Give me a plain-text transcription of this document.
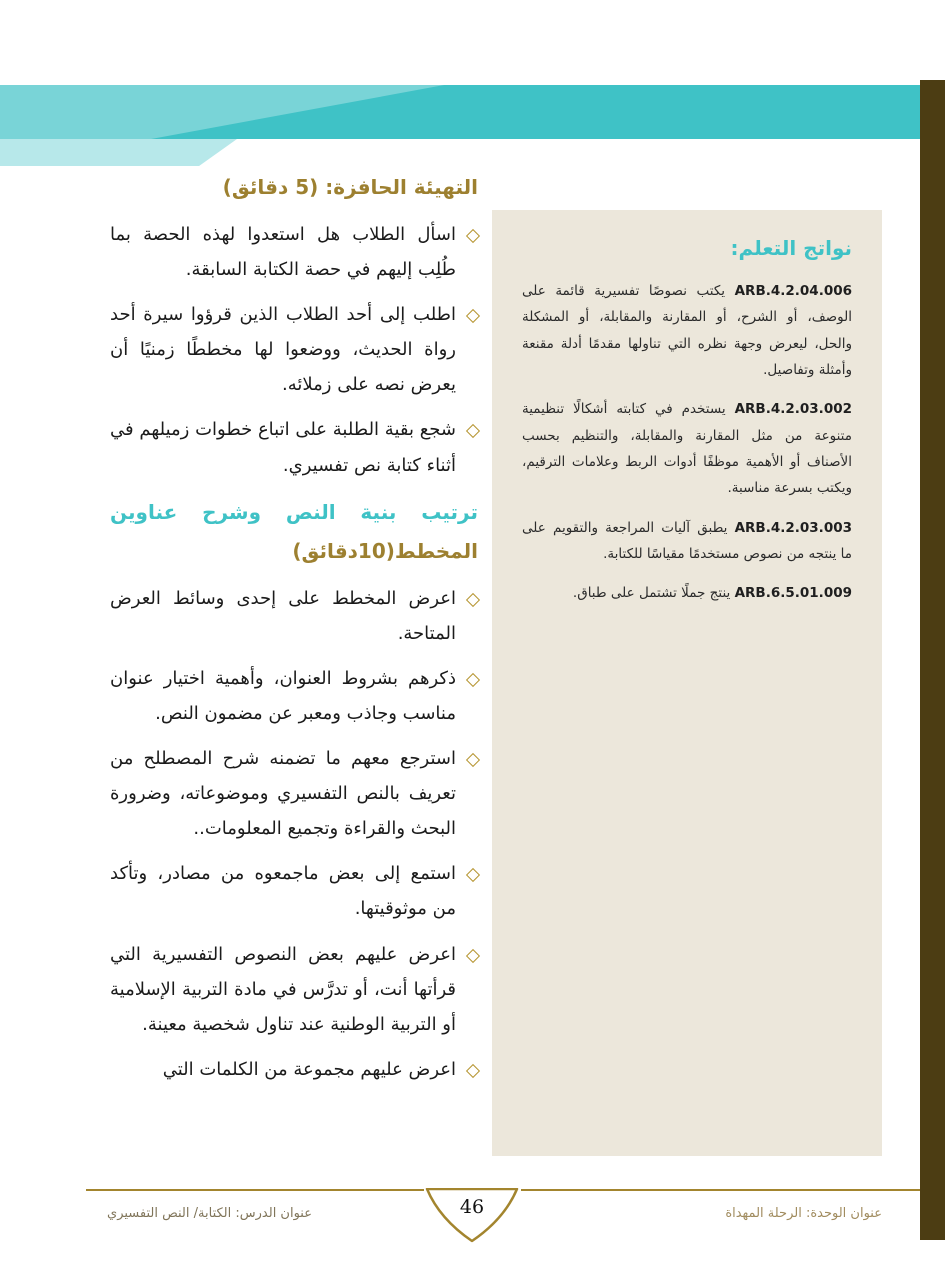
التهيئة الحافزة: (5 دقائق)
اسأل الطلاب هل استعدوا لهذه الحصة بما طُلِب إليهم في حصة الكتابة السابقة.
اطلب إلى أحد الطلاب الذين قرؤوا سيرة أحد رواة الحديث، ووضعوا لها مخططًا زمنيًا أن يعرض نصه على زملائه.
شجع بقية الطلبة على اتباع خطوات زميلهم في أثناء كتابة نص تفسيري.
ترتيب بنية النص وشرح عناوين
المخطط(10دقائق)
اعرض المخطط على إحدى وسائط العرض المتاحة.
ذكرهم بشروط العنوان، وأهمية اختيار عنوان مناسب وجاذب ومعبر عن مضمون النص.
استرجع معهم ما تضمنه شرح المصطلح من تعريف بالنص التفسيري وموضوعاته، وضرورة البحث والقراءة وتجميع المعلومات..
استمع إلى بعض ماجمعوه من مصادر، وتأكد من موثوقيتها.
اعرض عليهم بعض النصوص التفسيرية التي قرأتها أنت، أو تدرَّس في مادة التربية الإسلامية أو التربية الوطنية عند تناول شخصية معينة.
اعرض عليهم مجموعة من الكلمات التي
نواتج التعلم:

ARB.4.2.04.006 يكتب نصوصًا تفسيرية قائمة على الوصف، أو الشرح، أو المقارنة والمقابلة، أو المشكلة والحل، ليعرض وجهة نظره التي تناولها مقدمًا أدلة مقنعة وأمثلة وتفاصيل.

ARB.4.2.03.002 يستخدم في كتابته أشكالًا تنظيمية متنوعة من مثل المقارنة والمقابلة، والتنظيم بحسب الأصناف أو الأهمية موظفًا أدوات الربط وعلامات الترقيم، ويكتب بسرعة مناسبة.

ARB.4.2.03.003 يطبق آليات المراجعة والتقويم على ما ينتجه من نصوص مستخدمًا مقياسًا للكتابة.

ARB.6.5.01.009 ينتج جملًا تشتمل على طباق.

46
عنوان الدرس: الكتابة/ النص التفسيري	عنوان الوحدة: الرحلة المهداة
